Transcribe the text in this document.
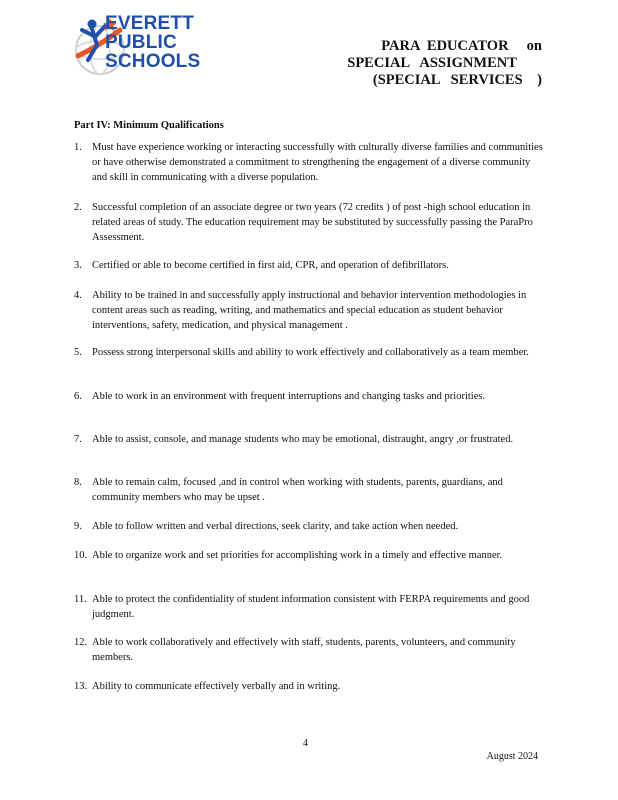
EVERETT
PUBLIC
SCHOOLS
PARA  EDUCATOR     on
SPECIAL   ASSIGNMENT
(SPECIAL   SERVICES    )
Part IV: Minimum Qualifications
1. Must have experience working or interacting successfully with culturally diverse families and communities or have otherwise demonstrated a commitment to strengthening the engagement of a diverse community and skill in communicating with a diverse population.
2. Successful completion of an associate degree or two years (72 credits ) of post -high school education in related areas of study. The education requirement may be substituted by successfully passing the ParaPro Assessment.
3. Certified or able to become certified in first aid, CPR, and operation of defibrillators.
4. Ability to be trained in and successfully apply instructional and behavior intervention methodologies in content areas such as reading, writing, and mathematics and special education as student behavior interventions, safety, medication, and physical management .
5. Possess strong interpersonal skills and ability to work effectively and collaboratively as a team member.
6. Able to work in an environment with frequent interruptions and changing tasks and priorities.
7. Able to assist, console, and manage students who may be emotional, distraught, angry ,or frustrated.
8. Able to remain calm, focused ,and in control when working with students, parents, guardians, and community members who may be upset .
9. Able to follow written and verbal directions, seek clarity, and take action when needed.
10. Able to organize work and set priorities for accomplishing work in a timely and effective manner.
11. Able to protect the confidentiality of student information consistent with FERPA requirements and good judgment.
12. Able to work collaboratively and effectively with staff, students, parents, volunteers, and community members.
13. Ability to communicate effectively verbally and in writing.
4
August 2024
